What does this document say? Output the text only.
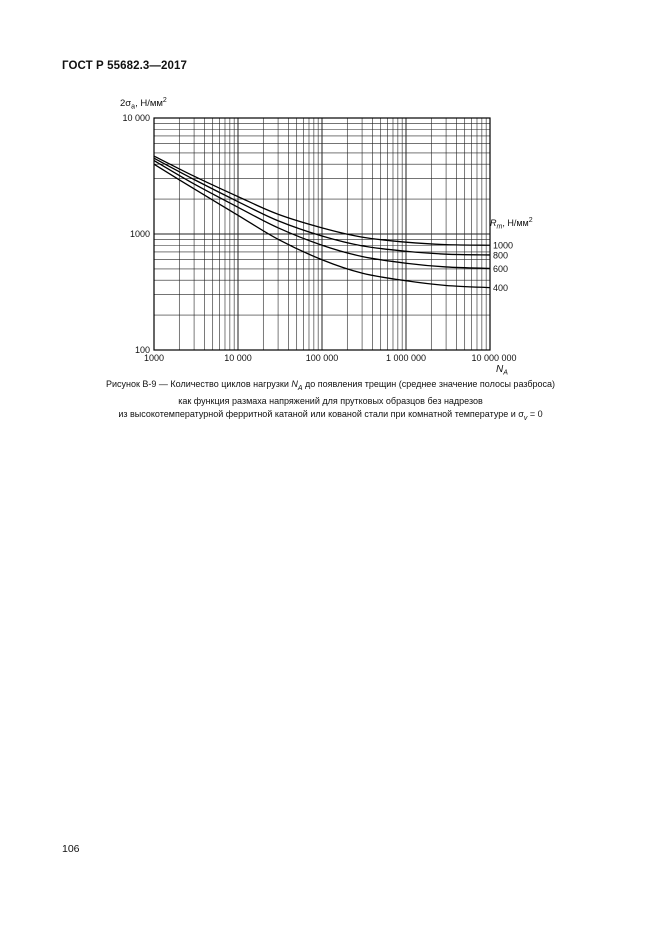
ГОСТ Р 55682.3—2017
1000	10 000	100 000	1 000 000	10 000 000
100
1000
10 000
1000
800
600
400
$2\sigma_a$, $Н/мм^2$
$N_A$
$R_m$, $Н/мм^2$
Рисунок В-9 — Количество циклов нагрузки $N_A$ до появления трещин (среднее значение полосы разброса)
как функция размаха напряжений для прутковых образцов без надрезов
из высокотемпературной ферритной катаной или кованой стали при комнатной температуре и $\sigma_v = 0$
106
